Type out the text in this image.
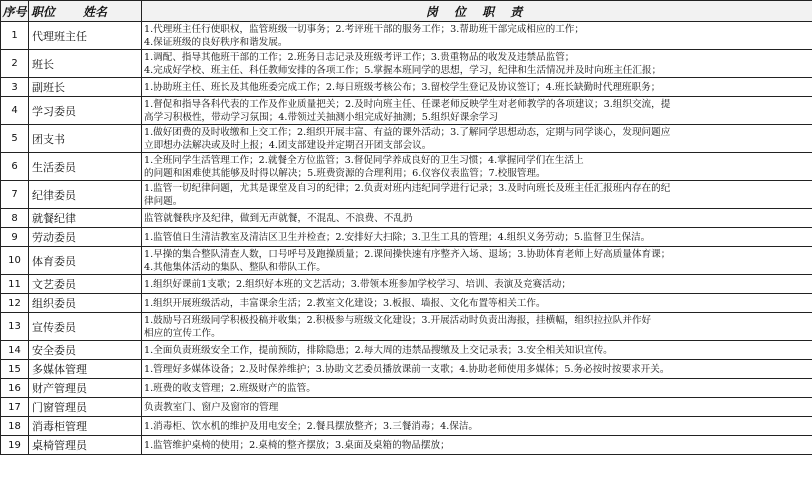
序号	职位 姓名	岗 位 职 责
1	代理班主任	1.代理班主任行使职权，监管班级一切事务；2.考评班干部的服务工作；3.帮助班干部完成相应的工作；
4.保证班级的良好秩序和谐发展。

2	班长	1.调配、指导其他班干部的工作；2.班务日志记录及班级考评工作；3.贵重物品的收发及违禁品监管；
4.完成好学校、班主任、科任教师安排的各项工作；5.掌握本班同学的思想，学习，纪律和生活情况并及时向班主任汇报；

3	副班长	1.协助班主任、班长及其他班委完成工作；2.每日班级考核公布；3.留校学生登记及协议签订；4.班长缺勤时代理班职务；

4	学习委员	1.督促和指导各科代表的工作及作业质量把关；2.及时向班主任、任课老师反映学生对老师教学的各项建议；3.组织交流，提
高学习积极性，带动学习氛围；4.带领过关抽测小组完成好抽测；5.组织好课余学习

5	团支书	1.做好团费的及时收缴和上交工作；2.组织开展丰富、有益的课外活动；3.了解同学思想动态，定期与同学谈心，发现问题应
立即想办法解决或及时上报；4.团支部建设并定期召开团支部会议。

6	生活委员	1.全班同学生活管理工作；2.就餐全方位监管；3.督促同学养成良好的卫生习惯；4.掌握同学们在生活上
的问题和困难使其能够及时得以解决；5.班费资源的合理利用；6.仪容仪表监管；7.校服管理。

7	纪律委员	1.监管一切纪律问题，尤其是课堂及自习的纪律；2.负责对班内违纪同学进行记录；3.及时向班长及班主任汇报班内存在的纪
律问题。

8	就餐纪律	监管就餐秩序及纪律，做到无声就餐，不混乱、不浪费、不乱扔

9	劳动委员	1.监管值日生清洁教室及清洁区卫生并检查；2.安排好大扫除；3.卫生工具的管理；4.组织义务劳动；5.监督卫生保洁。

10	体育委员	1.早操的集合整队清查人数，口号呼号及跑操质量；2.课间操快速有序整齐入场、退场；3.协助体育老师上好高质量体育课；
4.其他集体活动的集队、整队和带队工作。

11	文艺委员	1.组织好课前1支歌；2.组织好本班的文艺活动；3.带领本班参加学校学习、培训、表演及竞赛活动；

12	组织委员	1.组织开展班级活动，丰富课余生活；2.教室文化建设；3.板报、墙报、文化布置等相关工作。

13	宣传委员	1.鼓励号召班级同学积极投稿并收集；2.积极参与班级文化建设；3.开展活动时负责出海报，挂横幅，组织拉拉队并作好
相应的宣传工作。

14	安全委员	1.全面负责班级安全工作，提前预防，排除隐患；2.每大周的违禁品搜缴及上交记录表；3.安全相关知识宣传。

15	多媒体管理	1.管理好多媒体设备；2.及时保养维护；3.协助文艺委员播放课前一支歌；4.协助老师使用多媒体；5.务必按时按要求开关。

16	财产管理员	1.班费的收支管理；2.班级财产的监管。

17	门窗管理员	负责教室门、窗户及窗帘的管理

18	消毒柜管理	1.消毒柜、饮水机的维护及用电安全；2.餐具摆放整齐；3.三餐消毒；4.保洁。

19	桌椅管理员	1.监管维护桌椅的使用；2.桌椅的整齐摆放；3.桌面及桌箱的物品摆放；
